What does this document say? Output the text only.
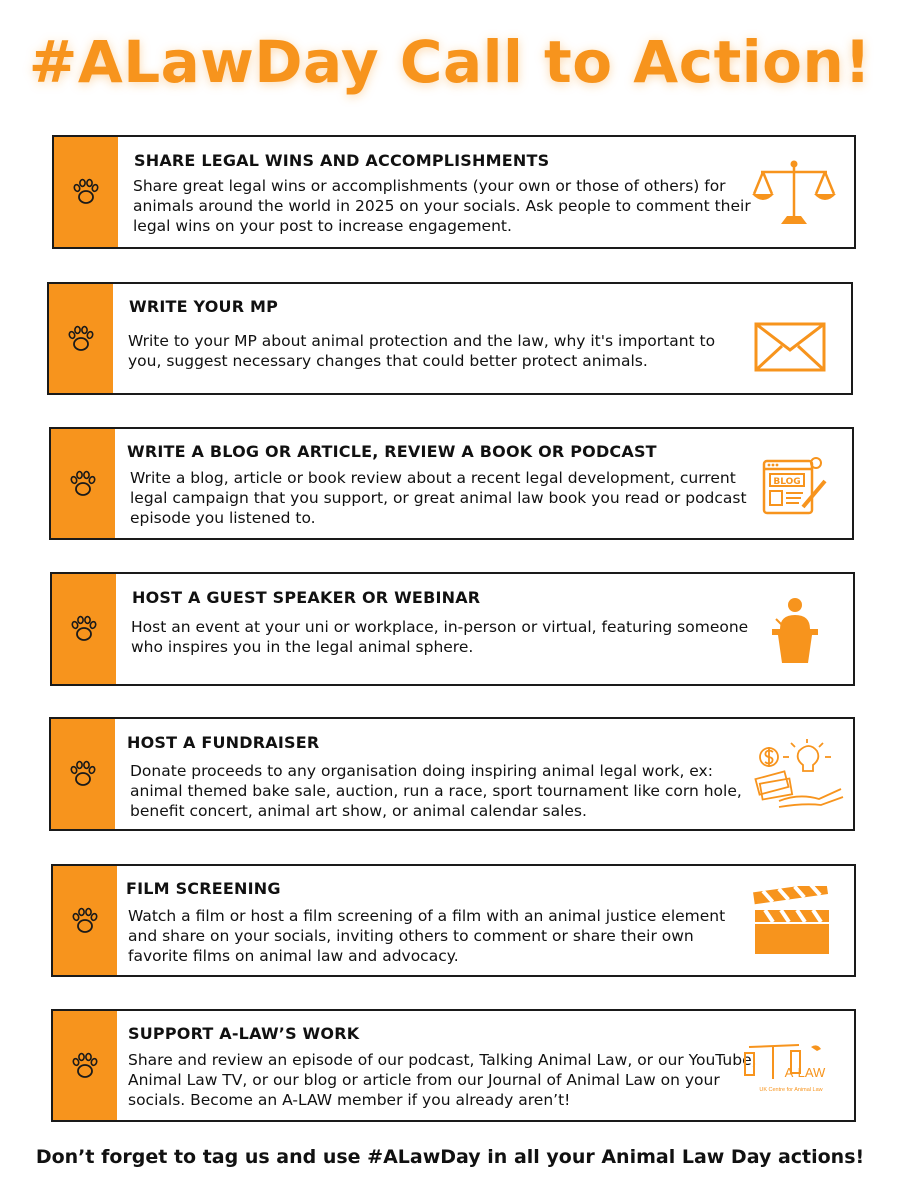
#ALawDay Call to Action!
SHARE LEGAL WINS AND ACCOMPLISHMENTS
Share great legal wins or accomplishments (your own or those of others) for animals around the world in 2025 on your socials. Ask people to comment their legal wins on your post to increase engagement.
WRITE YOUR MP
Write to your MP about animal protection and the law, why it's important to you, suggest necessary changes that could better protect animals.
WRITE A BLOG OR ARTICLE, REVIEW A BOOK OR PODCAST
Write a blog, article or book review about a recent legal development, current legal campaign that you support, or great animal law book you read or podcast episode you listened to.
BLOG
HOST A GUEST SPEAKER OR WEBINAR
Host an event at your uni or workplace, in-person or virtual, featuring someone who inspires you in the legal animal sphere.
HOST A FUNDRAISER
Donate proceeds to any organisation doing inspiring animal legal work, ex: animal themed bake sale, auction, run a race, sport tournament like corn hole, benefit concert, animal art show, or animal calendar sales.
FILM SCREENING
Watch a film or host a film screening of a film with an animal justice element and share on your socials, inviting others to comment or share their own favorite films on animal law and advocacy.
SUPPORT A-LAW’S WORK
Share and review an episode of our podcast, Talking Animal Law, or our YouTube, Animal Law TV, or our blog or article from our Journal of Animal Law on your socials. Become an A-LAW member if you already aren’t!
A-LAW
UK Centre for Animal Law
Don’t forget to tag us and use #ALawDay in all your Animal Law Day actions!
